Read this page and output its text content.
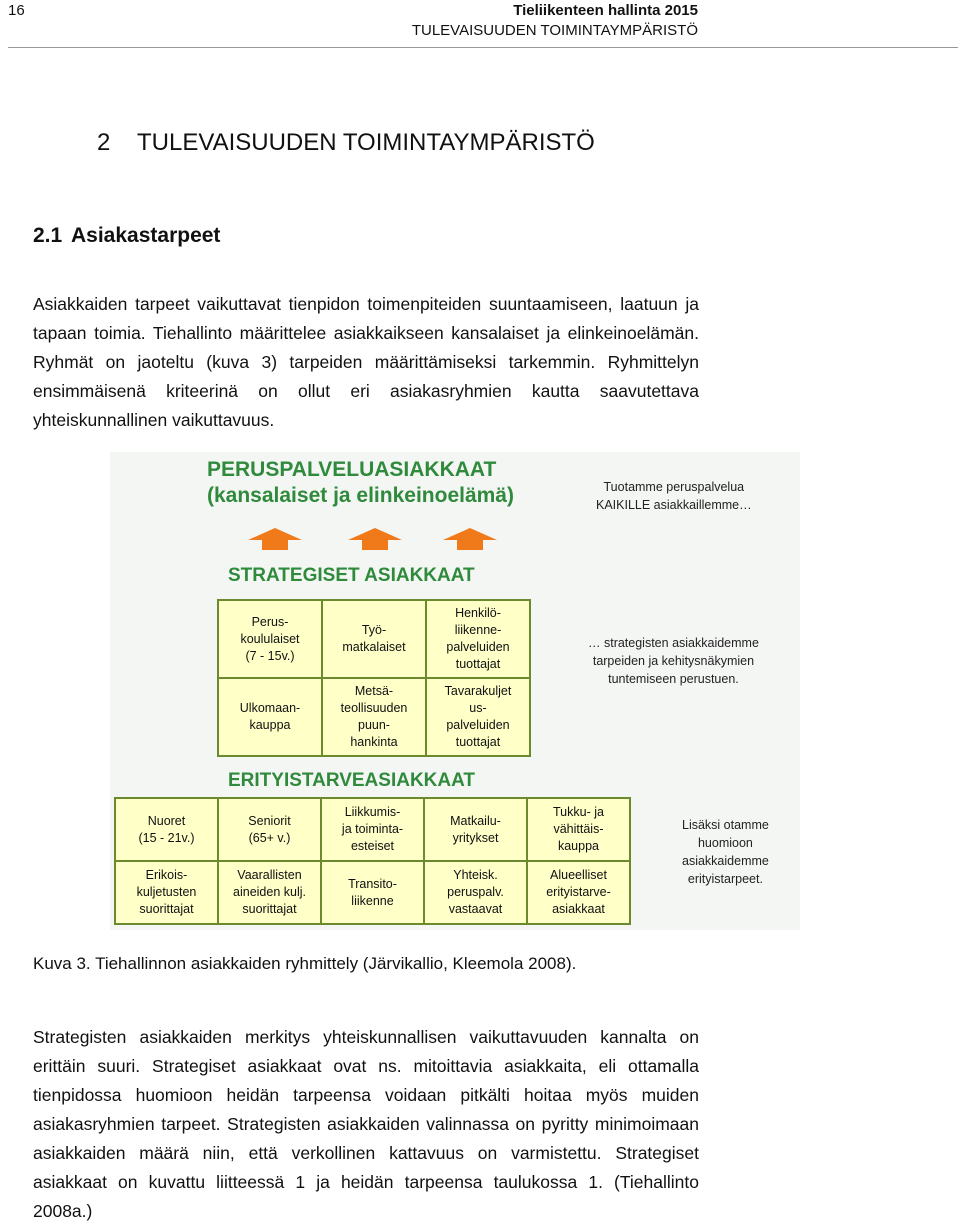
16	Tieliikenteen hallinta 2015
TULEVAISUUDEN TOIMINTAYMPÄRISTÖ
2 TULEVAISUUDEN TOIMINTAYMPÄRISTÖ
2.1 Asiakastarpeet
Asiakkaiden tarpeet vaikuttavat tienpidon toimenpiteiden suuntaamiseen, laatuun ja tapaan toimia. Tiehallinto määrittelee asiakkaikseen kansalaiset ja elinkeinoelämän. Ryhmät on jaoteltu (kuva 3) tarpeiden määrittämiseksi tarkemmin. Ryhmittelyn ensimmäisenä kriteerinä on ollut eri asiakasryhmien kautta saavutettava yhteiskunnallinen vaikuttavuus.
PERUSPALVELUASIAKKAAT
(kansalaiset ja elinkeinoelämä)	Tuotamme peruspalvelua
KAIKILLE asiakkaillemme…
STRATEGISET ASIAKKAAT
Perus-
koululaiset
(7 - 15v.)
Työ-
matkalaiset
Henkilö-
liikenne-
palveluiden
tuottajat
Ulkomaan-
kauppa
Metsä-
teollisuuden
puun-
hankinta
Tavarakuljet
us-
palveluiden
tuottajat
… strategisten asiakkaidemme
tarpeiden ja kehitysnäkymien
tuntemiseen perustuen.
ERITYISTARVEASIAKKAAT
Nuoret
(15 - 21v.)
Seniorit
(65+ v.)
Liikkumis-
ja toiminta-
esteiset
Matkailu-
yritykset
Tukku- ja
vähittäis-
kauppa
Erikois-
kuljetusten
suorittajat
Vaarallisten
aineiden kulj.
suorittajat
Transito-
liikenne
Yhteisk.
peruspalv.
vastaavat
Alueelliset
erityistarve-
asiakkaat
Lisäksi otamme
huomioon
asiakkaidemme
erityistarpeet.
Kuva 3. Tiehallinnon asiakkaiden ryhmittely (Järvikallio, Kleemola 2008).
Strategisten asiakkaiden merkitys yhteiskunnallisen vaikuttavuuden kannalta on erittäin suuri. Strategiset asiakkaat ovat ns. mitoittavia asiakkaita, eli ottamalla tienpidossa huomioon heidän tarpeensa voidaan pitkälti hoitaa myös muiden asiakasryhmien tarpeet. Strategisten asiakkaiden valinnassa on pyritty minimoimaan asiakkaiden määrä niin, että verkollinen kattavuus on varmistettu. Strategiset asiakkaat on kuvattu liitteessä 1 ja heidän tarpeensa taulukossa 1. (Tiehallinto 2008a.)
